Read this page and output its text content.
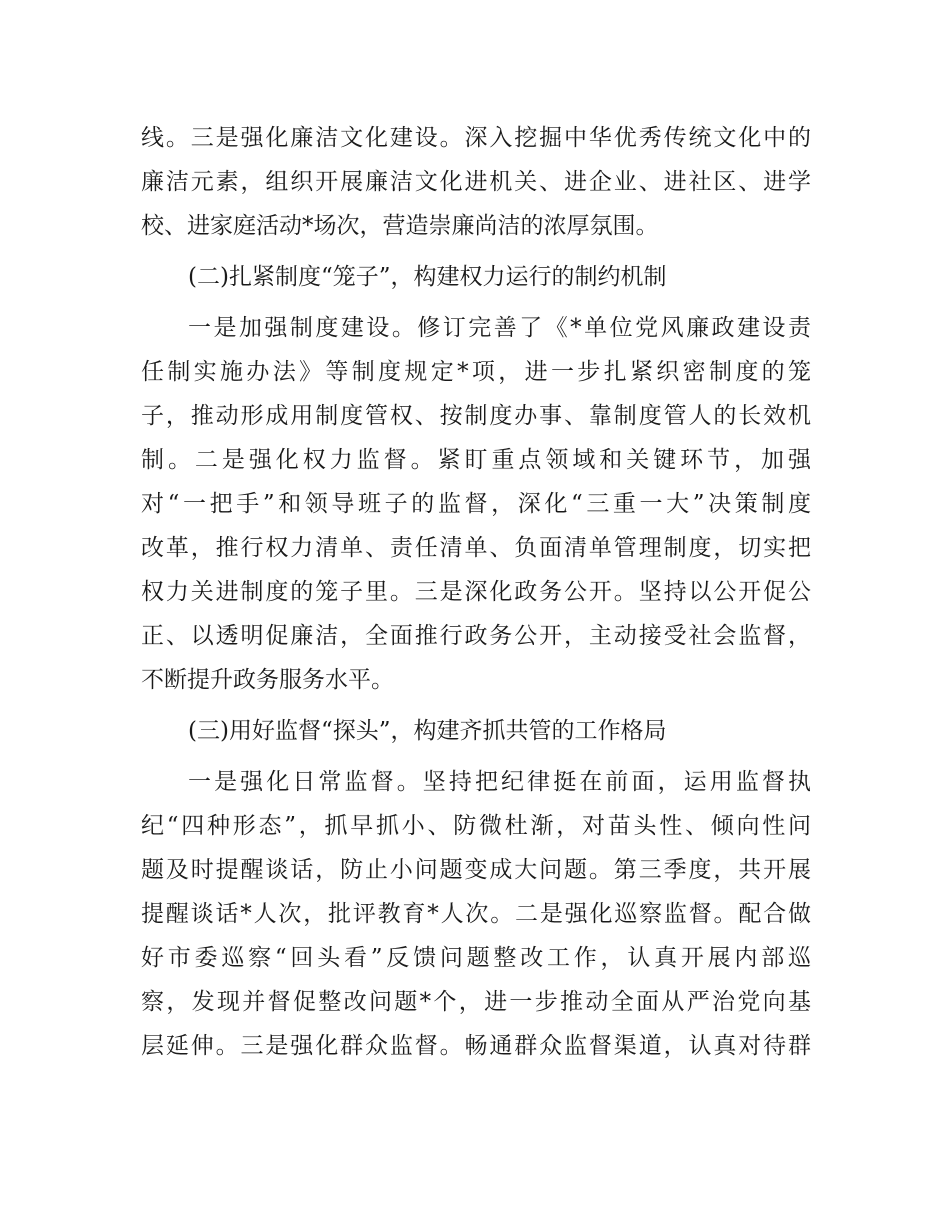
线。三是强化廉洁文化建设。深入挖掘中华优秀传统文化中的
廉洁元素，组织开展廉洁文化进机关、进企业、进社区、进学
校、进家庭活动*场次，营造崇廉尚洁的浓厚氛围。
(二)扎紧制度“笼子”，构建权力运行的制约机制
一是加强制度建设。修订完善了《*单位党风廉政建设责
任制实施办法》等制度规定*项，进一步扎紧织密制度的笼
子，推动形成用制度管权、按制度办事、靠制度管人的长效机
制。二是强化权力监督。紧盯重点领域和关键环节，加强
对“一把手”和领导班子的监督，深化“三重一大”决策制度
改革，推行权力清单、责任清单、负面清单管理制度，切实把
权力关进制度的笼子里。三是深化政务公开。坚持以公开促公
正、以透明促廉洁，全面推行政务公开，主动接受社会监督，
不断提升政务服务水平。
(三)用好监督“探头”，构建齐抓共管的工作格局
一是强化日常监督。坚持把纪律挺在前面，运用监督执
纪“四种形态”，抓早抓小、防微杜渐，对苗头性、倾向性问
题及时提醒谈话，防止小问题变成大问题。第三季度，共开展
提醒谈话*人次，批评教育*人次。二是强化巡察监督。配合做
好市委巡察“回头看”反馈问题整改工作，认真开展内部巡
察，发现并督促整改问题*个，进一步推动全面从严治党向基
层延伸。三是强化群众监督。畅通群众监督渠道，认真对待群
